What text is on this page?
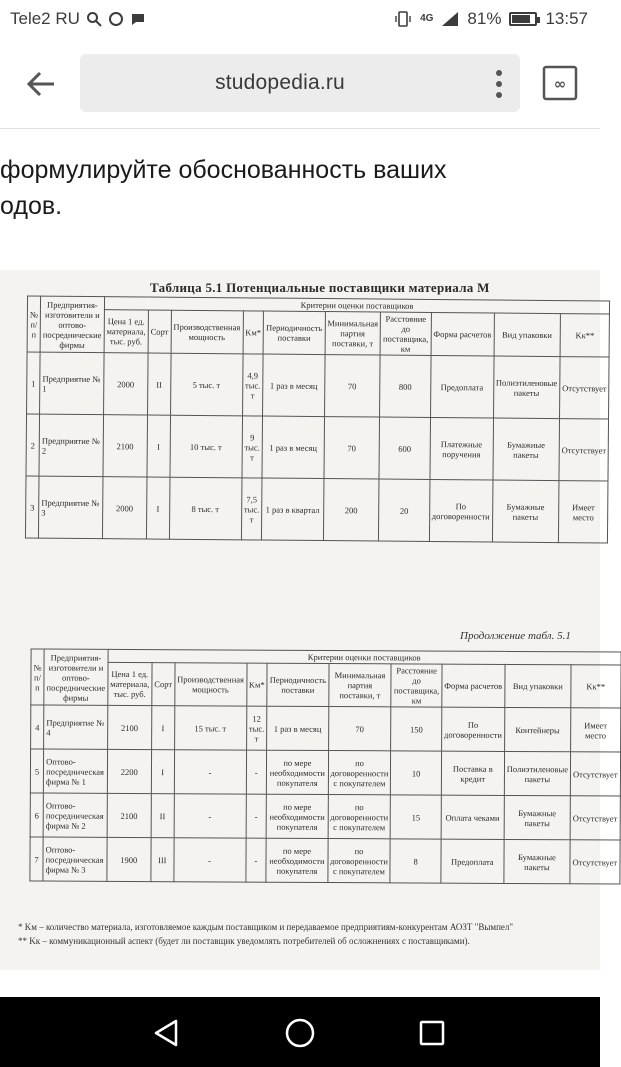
Tele2 RU	4G 81%	13:57
studopedia.ru	∞
формулируйте обоснованность ваших
одов.
Таблица 5.1 Потенциальные поставщики материала М
№ п/п	Предприятия-изготовители и оптово-посреднические фирмы	Критерии оценки поставщиков									
		Цена 1 ед. материала, тыс. руб.	Сорт	Производственная мощность	Kм*	Периодичность поставки	Минимальная партия поставки, т	Расстояние до поставщика, км	Форма расчетов	Вид упаковки	Kк**
1	Предприятие № 1	2000	II	5 тыс. т	4,9 тыс. т	1 раз в месяц	70	800	Предоплата	Полиэтиленовые пакеты	Отсутствует
2	Предприятие № 2	2100	I	10 тыс. т	9 тыс. т	1 раз в месяц	70	600	Платежные поручения	Бумажные пакеты	Отсутствует
3	Предприятие № 3	2000	I	8 тыс. т	7,5 тыс. т	1 раз в квартал	200	20	По договоренности	Бумажные пакеты	Имеет место
Продолжение табл. 5.1
№ п/п	Предприятия-изготовители и оптово-посреднические фирмы	Критерии оценки поставщиков									
		Цена 1 ед. материала, тыс. руб.	Сорт	Производственная мощность	Kм*	Периодичность поставки	Минимальная партия поставки, т	Расстояние до поставщика, км	Форма расчетов	Вид упаковки	Kк**
4	Предприятие № 4	2100	I	15 тыс. т	12 тыс. т	1 раз в месяц	70	150	По договоренности	Контейнеры	Имеет место
5	Оптово-посредническая фирма № 1	2200	I	-	-	по мере необходимости покупателя	по договоренности с покупателем	10	Поставка в кредит	Полиэтиленовые пакеты	Отсутствует
6	Оптово-посредническая фирма № 2	2100	II	-	-	по мере необходимости покупателя	по договоренности с покупателем	15	Оплата чеками	Бумажные пакеты	Отсутствует
7	Оптово-посредническая фирма № 3	1900	III	-	-	по мере необходимости покупателя	по договоренности с покупателем	8	Предоплата	Бумажные пакеты	Отсутствует
* Kм – количество материала, изготовляемое каждым поставщиком и передаваемое предприятиям-конкурентам АОЗТ "Вымпел"
** Kк – коммуникационный аспект (будет ли поставщик уведомлять потребителей об осложнениях с поставщиками).
